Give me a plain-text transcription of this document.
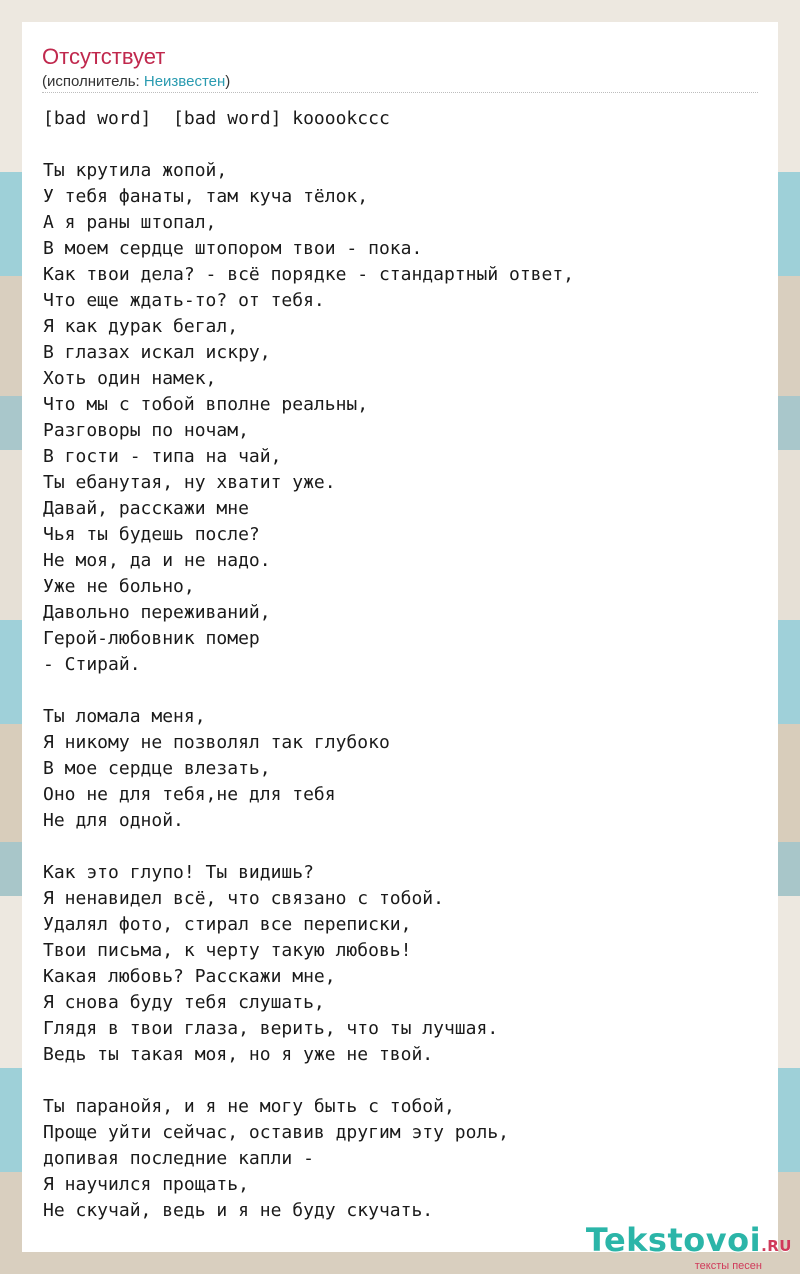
Отсутствует
(исполнитель: Неизвестен)
[bad word]  [bad word] kooookccc

Ты крутила жопой,
У тебя фанаты, там куча тёлок,
А я раны штопал,
В моем сердце штопором твои - пока.
Как твои дела? - всё порядке - стандартный ответ,
Что еще ждать-то? от тебя.
Я как дурак бегал,
В глазах искал искру,
Хоть один намек,
Что мы с тобой вполне реальны,
Разговоры по ночам,
В гости - типа на чай,
Ты ебанутая, ну хватит уже.
Давай, расскажи мне
Чья ты будешь после?
Не моя, да и не надо.
Уже не больно,
Давольно переживаний,
Герой-любовник помер
- Стирай.

Ты ломала меня,
Я никому не позволял так глубоко
В мое сердце влезать,
Оно не для тебя,не для тебя
Не для одной.

Как это глупо! Ты видишь?
Я ненавидел всё, что связано с тобой.
Удалял фото, стирал все переписки,
Твои письма, к черту такую любовь!
Какая любовь? Расскажи мне,
Я снова буду тебя слушать,
Глядя в твои глаза, верить, что ты лучшая.
Ведь ты такая моя, но я уже не твой.

Ты паранойя, и я не могу быть с тобой,
Проще уйти сейчас, оставив другим эту роль,
допивая последние капли -
Я научился прощать,
Не скучай, ведь и я не буду скучать.
Tekstovoi.RU
тексты песен
